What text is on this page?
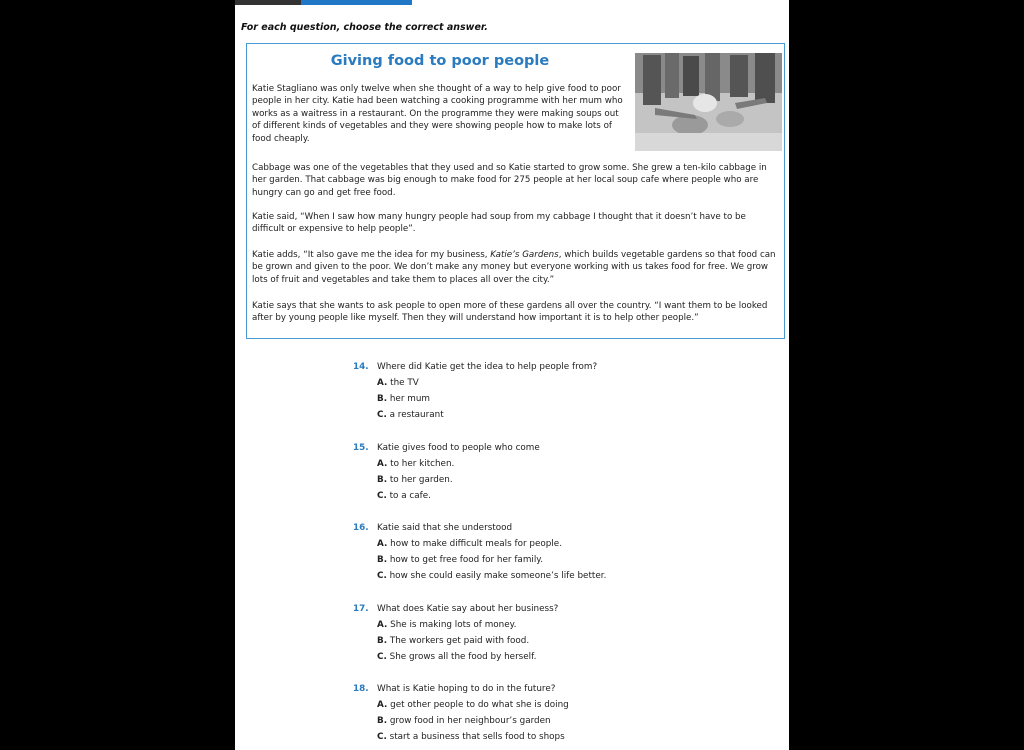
For each question, choose the correct answer.
Giving food to poor people
Katie Stagliano was only twelve when she thought of a way to help give food to poor people in her city. Katie had been watching a cooking programme with her mum who works as a waitress in a restaurant. On the programme they were making soups out of different kinds of vegetables and they were showing people how to make lots of food cheaply.
Cabbage was one of the vegetables that they used and so Katie started to grow some. She grew a ten-kilo cabbage in her garden. That cabbage was big enough to make food for 275 people at her local soup cafe where people who are hungry can go and get free food.
Katie said, “When I saw how many hungry people had soup from my cabbage I thought that it doesn’t have to be difficult or expensive to help people”.
Katie adds, “It also gave me the idea for my business, Katie’s Gardens, which builds vegetable gardens so that food can be grown and given to the poor. We don’t make any money but everyone working with us takes food for free. We grow lots of fruit and vegetables and take them to places all over the city.”
Katie says that she wants to ask people to open more of these gardens all over the country. “I want them to be looked after by young people like myself. Then they will understand how important it is to help other people.”
14. Where did Katie get the idea to help people from?
A. the TV
B. her mum
C. a restaurant
15. Katie gives food to people who come
A. to her kitchen.
B. to her garden.
C. to a cafe.
16. Katie said that she understood
A. how to make difficult meals for people.
B. how to get free food for her family.
C. how she could easily make someone’s life better.
17. What does Katie say about her business?
A. She is making lots of money.
B. The workers get paid with food.
C. She grows all the food by herself.
18. What is Katie hoping to do in the future?
A. get other people to do what she is doing
B. grow food in her neighbour’s garden
C. start a business that sells food to shops
